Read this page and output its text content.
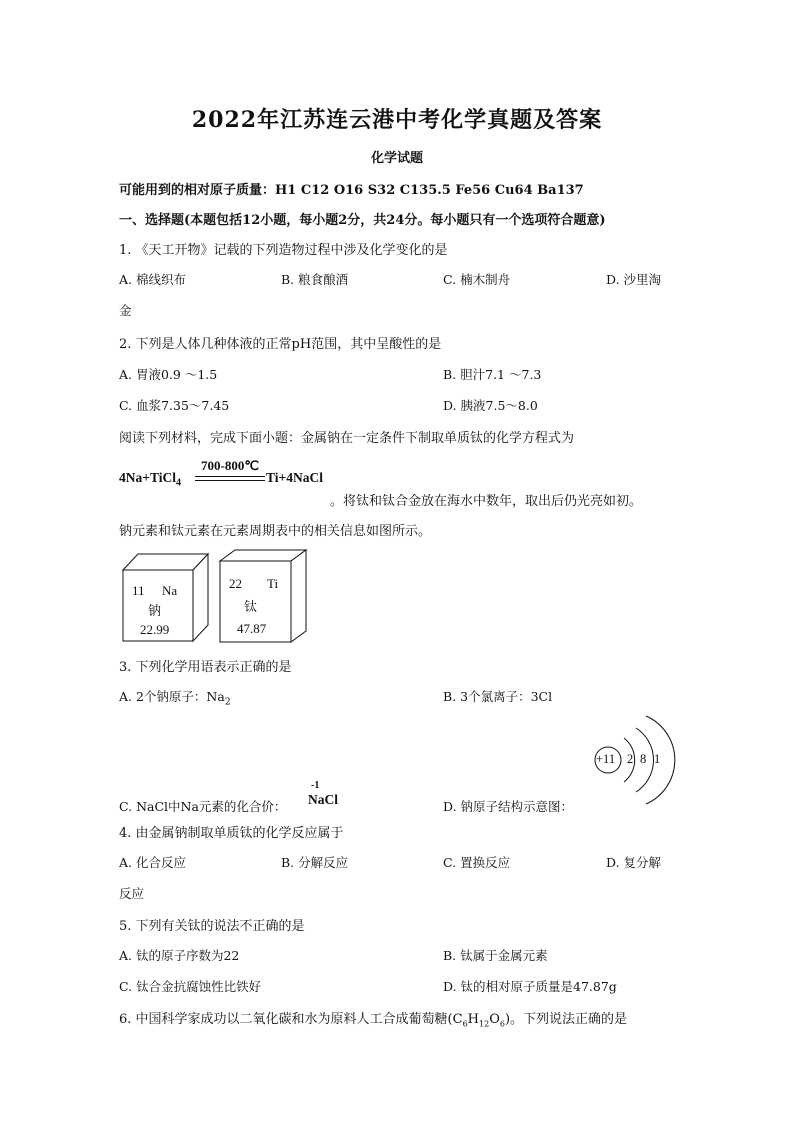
2022年江苏连云港中考化学真题及答案
化学试题
可能用到的相对原子质量：H1 C12 O16 S32 C135.5 Fe56 Cu64 Ba137
一、选择题(本题包括12小题，每小题2分，共24分。每小题只有一个选项符合题意)
1. 《天工开物》记载的下列造物过程中涉及化学变化的是
A. 棉线织布	B. 粮食酿酒	C. 楠木制舟	D. 沙里淘
金
2. 下列是人体几种体液的正常pH范围，其中呈酸性的是
A. 胃液0.9 ～1.5	B. 胆汁7.1 ～7.3
C. 血浆7.35～7.45	D. 胰液7.5～8.0
阅读下列材料，完成下面小题：金属钠在一定条件下制取单质钛的化学方程式为
4Na+TiCl$_4$
700-800℃
Ti+4NaCl
。将钛和钛合金放在海水中数年，取出后仍光亮如初。
钠元素和钛元素在元素周期表中的相关信息如图所示。
11 Na
钠
22.99
22 Ti
钛
47.87
3. 下列化学用语表示正确的是
A. 2个钠原子：$Na_2$	B. 3个氯离子：3Cl
+11 2 8 1
C. NaCl中Na元素的化合价：
-1
NaCl	D. 钠原子结构示意图：
4. 由金属钠制取单质钛的化学反应属于
A. 化合反应	B. 分解反应	C. 置换反应	D. 复分解
反应
5. 下列有关钛的说法不正确的是
A. 钛的原子序数为22	B. 钛属于金属元素
C. 钛合金抗腐蚀性比铁好	D. 钛的相对原子质量是47.87g
6. 中国科学家成功以二氧化碳和水为原料人工合成葡萄糖$(C_6H_{12}O_6)$。下列说法正确的是
